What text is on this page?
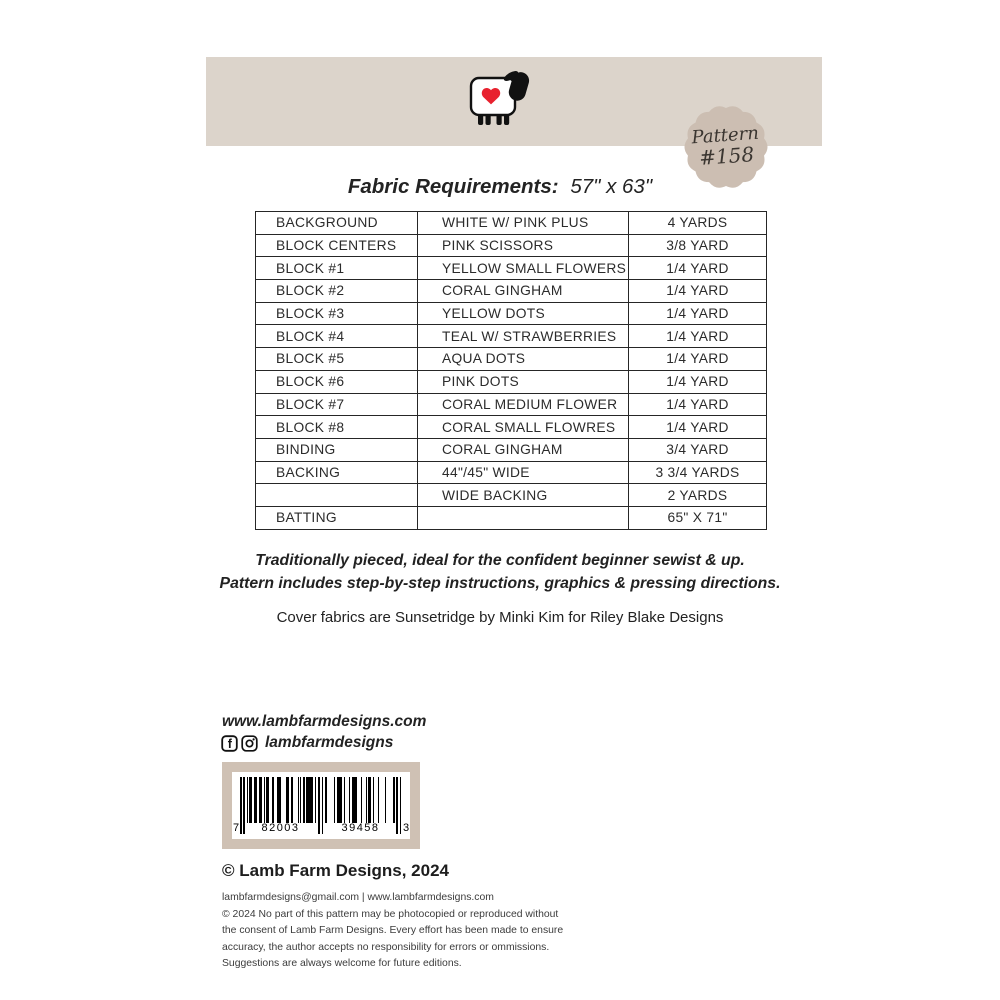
Pattern
#158
Fabric Requirements: 57" x 63"
BACKGROUND	WHITE W/ PINK PLUS	4 YARDS
BLOCK CENTERS	PINK SCISSORS	3/8 YARD
BLOCK #1	YELLOW SMALL FLOWERS	1/4 YARD
BLOCK #2	CORAL GINGHAM	1/4 YARD
BLOCK #3	YELLOW DOTS	1/4 YARD
BLOCK #4	TEAL W/ STRAWBERRIES	1/4 YARD
BLOCK #5	AQUA DOTS	1/4 YARD
BLOCK #6	PINK DOTS	1/4 YARD
BLOCK #7	CORAL MEDIUM FLOWER	1/4 YARD
BLOCK #8	CORAL SMALL FLOWRES	1/4 YARD
BINDING	CORAL GINGHAM	3/4 YARD
BACKING	44"/45" WIDE	3 3/4 YARDS
	WIDE BACKING	2 YARDS
BATTING		65" X 71"
Traditionally pieced, ideal for the confident beginner sewist & up.
Pattern includes step-by-step instructions, graphics & pressing directions.
Cover fabrics are Sunsetridge by Minki Kim for Riley Blake Designs
www.lambfarmdesigns.com
f lambfarmdesigns
7	82003	39458	3
© Lamb Farm Designs, 2024
lambfarmdesigns@gmail.com | www.lambfarmdesigns.com
© 2024 No part of this pattern may be photocopied or reproduced without
the consent of Lamb Farm Designs. Every effort has been made to ensure
accuracy, the author accepts no responsibility for errors or ommissions.
Suggestions are always welcome for future editions.
